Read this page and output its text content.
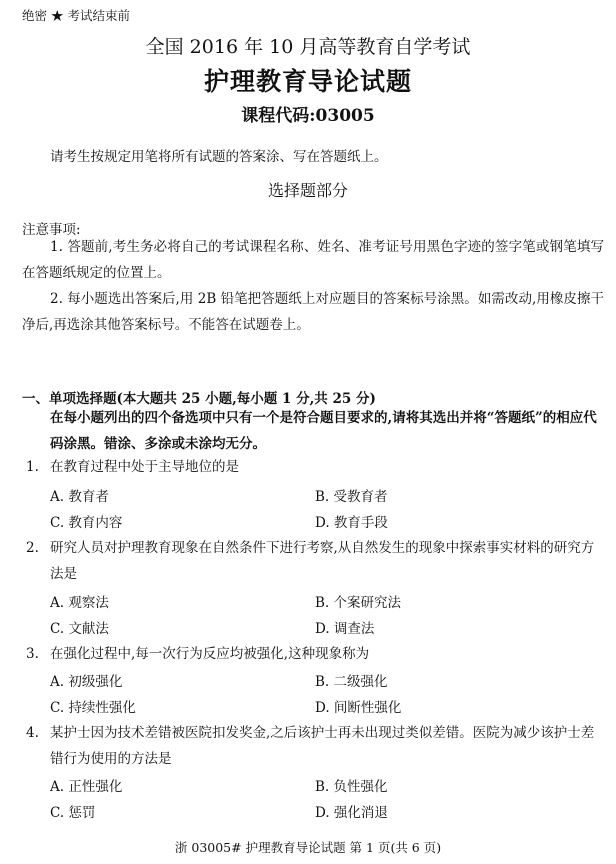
绝密 ★ 考试结束前
全国 2016 年 10 月高等教育自学考试
护理教育导论试题
课程代码:03005
请考生按规定用笔将所有试题的答案涂、写在答题纸上。
选择题部分
注意事项:
1. 答题前,考生务必将自己的考试课程名称、姓名、准考证号用黑色字迹的签字笔或钢笔填写在答题纸规定的位置上。
2. 每小题选出答案后,用 2B 铅笔把答题纸上对应题目的答案标号涂黑。如需改动,用橡皮擦干净后,再选涂其他答案标号。不能答在试题卷上。
一、单项选择题(本大题共 25 小题,每小题 1 分,共 25 分)
在每小题列出的四个备选项中只有一个是符合题目要求的,请将其选出并将“答题纸”的相应代码涂黑。错涂、多涂或未涂均无分。
1. 在教育过程中处于主导地位的是
A. 教育者	B. 受教育者
C. 教育内容	D. 教育手段
2. 研究人员对护理教育现象在自然条件下进行考察,从自然发生的现象中探索事实材料的研究方法是
A. 观察法	B. 个案研究法
C. 文献法	D. 调查法
3. 在强化过程中,每一次行为反应均被强化,这种现象称为
A. 初级强化	B. 二级强化
C. 持续性强化	D. 间断性强化
4. 某护士因为技术差错被医院扣发奖金,之后该护士再未出现过类似差错。医院为减少该护士差错行为使用的方法是
A. 正性强化	B. 负性强化
C. 惩罚	D. 强化消退
浙 03005# 护理教育导论试题 第 1 页(共 6 页)
